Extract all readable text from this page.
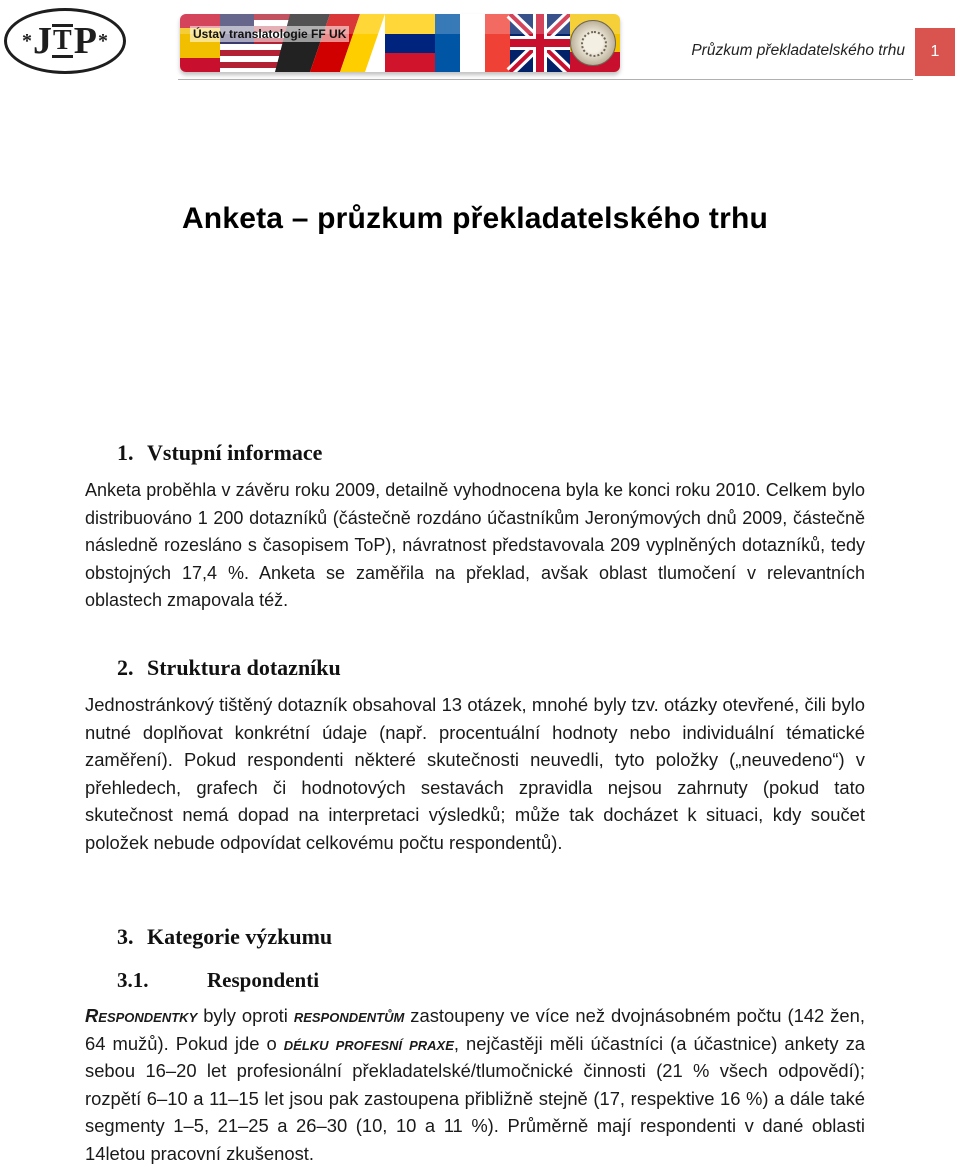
* J T P *	Ústav translatologie FF UK
Průzkum překladatelského trhu	1
Anketa – průzkum překladatelského trhu
1. Vstupní informace

Anketa proběhla v závěru roku 2009, detailně vyhodnocena byla ke konci roku 2010. Celkem bylo distribuováno 1 200 dotazníků (částečně rozdáno účastníkům Jeronýmových dnů 2009, částečně následně rozesláno s časopisem ToP), návratnost představovala 209 vyplněných dotazníků, tedy obstojných 17,4 %. Anketa se zaměřila na překlad, avšak oblast tlumočení v relevantních oblastech zmapovala též.

2. Struktura dotazníku

Jednostránkový tištěný dotazník obsahoval 13 otázek, mnohé byly tzv. otázky otevřené, čili bylo nutné doplňovat konkrétní údaje (např. procentuální hodnoty nebo individuální tématické zaměření). Pokud respondenti některé skutečnosti neuvedli, tyto položky („neuvedeno“) v přehledech, grafech či hodnotových sestavách zpravidla nejsou zahrnuty (pokud tato skutečnost nemá dopad na interpretaci výsledků; může tak docházet k situaci, kdy součet položek nebude odpovídat celkovému počtu respondentů).

3. Kategorie výzkumu
3.1.	Respondenti

Respondentky byly oproti respondentům zastoupeny ve více než dvojnásobném počtu (142 žen, 64 mužů). Pokud jde o délku profesní praxe, nejčastěji měli účastníci (a účastnice) ankety za sebou 16–20 let profesionální překladatelské/tlumočnické činnosti (21 % všech odpovědí); rozpětí 6–10 a 11–15 let jsou pak zastoupena přibližně stejně (17, respektive 16 %) a dále také segmenty 1–5, 21–25 a 26–30 (10, 10 a 11 %). Průměrně mají respondenti v dané oblasti 14letou pracovní zkušenost.
